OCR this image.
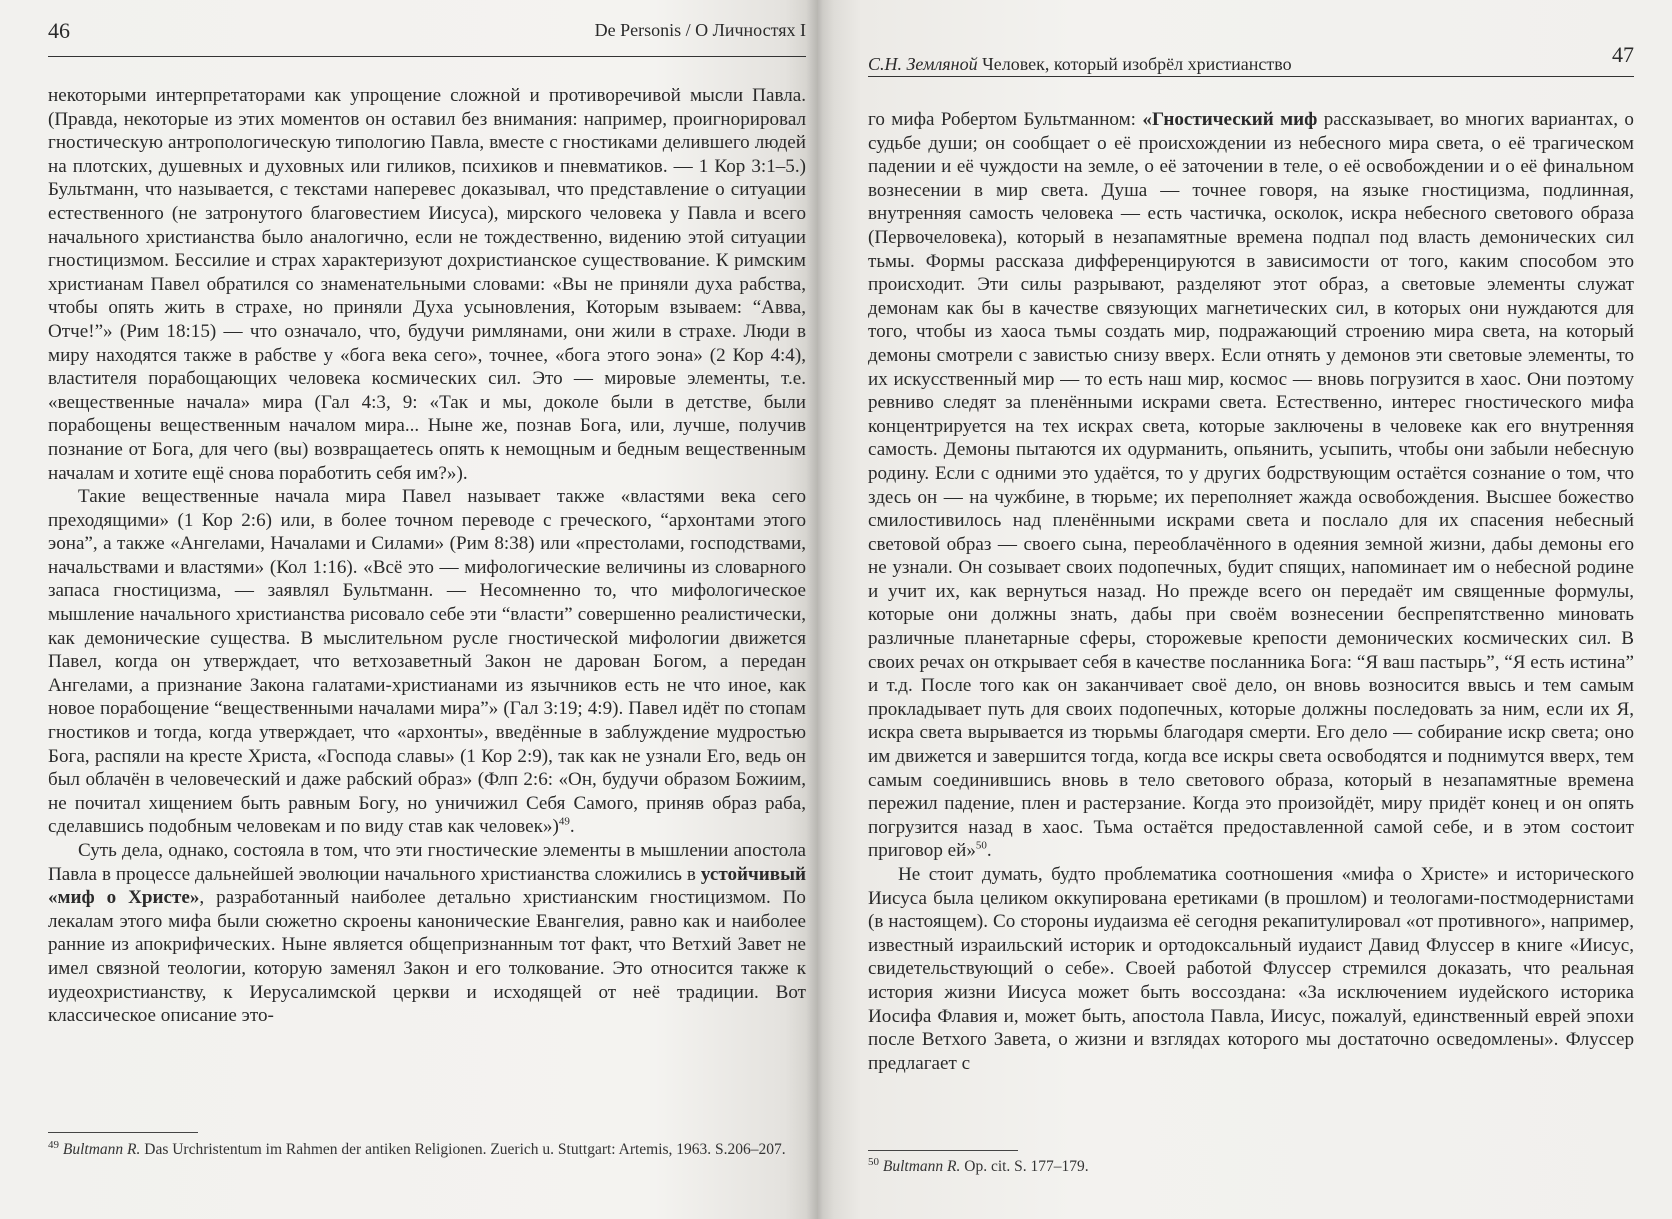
46	De Personis / О Личностях I

некоторыми интерпретаторами как упрощение сложной и противоречивой мысли Павла. (Правда, некоторые из этих моментов он оставил без внимания: например, проигнорировал гностическую антропологическую типологию Павла, вместе с гностиками делившего людей на плотских, душевных и духовных или гиликов, психиков и пневматиков. — 1 Кор 3:1–5.) Бультманн, что называется, с текстами наперевес доказывал, что представление о ситуации естественного (не затронутого благовестием Иисуса), мирского человека у Павла и всего начального христианства было аналогично, если не тождественно, видению этой ситуации гностицизмом. Бессилие и страх характеризуют дохристианское существование. К римским христианам Павел обратился со знаменательными словами: «Вы не приняли духа рабства, чтобы опять жить в страхе, но приняли Духа усыновления, Которым взываем: “Авва, Отче!”» (Рим 18:15) — что означало, что, будучи римлянами, они жили в страхе. Люди в миру находятся также в рабстве у «бога века сего», точнее, «бога этого эона» (2 Кор 4:4), властителя порабощающих человека космических сил. Это — мировые элементы, т.е. «вещественные начала» мира (Гал 4:3, 9: «Так и мы, доколе были в детстве, были порабощены вещественным началом мира... Ныне же, познав Бога, или, лучше, получив познание от Бога, для чего (вы) возвращаетесь опять к немощным и бедным вещественным началам и хотите ещё снова поработить себя им?»).

Такие вещественные начала мира Павел называет также «властями века сего преходящими» (1 Кор 2:6) или, в более точном переводе с греческого, “архонтами этого эона”, а также «Ангелами, Началами и Силами» (Рим 8:38) или «престолами, господствами, начальствами и властями» (Кол 1:16). «Всё это — мифологические величины из словарного запаса гностицизма, — заявлял Бультманн. — Несомненно то, что мифологическое мышление начального христианства рисовало себе эти “власти” совершенно реалистически, как демонические существа. В мыслительном русле гностической мифологии движется Павел, когда он утверждает, что ветхозаветный Закон не дарован Богом, а передан Ангелами, а признание Закона галатами-христианами из язычников есть не что иное, как новое порабощение “вещественными началами мира”» (Гал 3:19; 4:9). Павел идёт по стопам гностиков и тогда, когда утверждает, что «архонты», введённые в заблуждение мудростью Бога, распяли на кресте Христа, «Господа славы» (1 Кор 2:9), так как не узнали Его, ведь он был облачён в человеческий и даже рабский образ» (Флп 2:6: «Он, будучи образом Божиим, не почитал хищением быть равным Богу, но уничижил Себя Самого, приняв образ раба, сделавшись подобным человекам и по виду став как человек»)$^{49}$.

Суть дела, однако, состояла в том, что эти гностические элементы в мышлении апостола Павла в процессе дальнейшей эволюции начального христианства сложились в устойчивый «миф о Христе», разработанный наиболее детально христианским гностицизмом. По лекалам этого мифа были сюжетно скроены канонические Евангелия, равно как и наиболее ранние из апокрифических. Ныне является общепризнанным тот факт, что Ветхий Завет не имел связной теологии, которую заменял Закон и его толкование. Это относится также к иудеохристианству, к Иерусалимской церкви и исходящей от неё традиции. Вот классическое описание это-

$^{49}$ Bultmann R. Das Urchristentum im Rahmen der antiken Religionen. Zuerich u. Stuttgart: Artemis, 1963. S.206–207.
С.Н. Земляной Человек, который изобрёл христианство	47

го мифа Робертом Бультманном: «Гностический миф рассказывает, во многих вариантах, о судьбе души; он сообщает о её происхождении из небесного мира света, о её трагическом падении и её чуждости на земле, о её заточении в теле, о её освобождении и о её финальном вознесении в мир света. Душа — точнее говоря, на языке гностицизма, подлинная, внутренняя самость человека — есть частичка, осколок, искра небесного светового образа (Первочеловека), который в незапамятные времена подпал под власть демонических сил тьмы. Формы рассказа дифференцируются в зависимости от того, каким способом это происходит. Эти силы разрывают, разделяют этот образ, а световые элементы служат демонам как бы в качестве связующих магнетических сил, в которых они нуждаются для того, чтобы из хаоса тьмы создать мир, подражающий строению мира света, на который демоны смотрели с завистью снизу вверх. Если отнять у демонов эти световые элементы, то их искусственный мир — то есть наш мир, космос — вновь погрузится в хаос. Они поэтому ревниво следят за пленёнными искрами света. Естественно, интерес гностического мифа концентрируется на тех искрах света, которые заключены в человеке как его внутренняя самость. Демоны пытаются их одурманить, опьянить, усыпить, чтобы они забыли небесную родину. Если с одними это удаётся, то у других бодрствующим остаётся сознание о том, что здесь он — на чужбине, в тюрьме; их переполняет жажда освобождения. Высшее божество смилостивилось над пленёнными искрами света и послало для их спасения небесный световой образ — своего сына, переоблачённого в одеяния земной жизни, дабы демоны его не узнали. Он созывает своих подопечных, будит спящих, напоминает им о небесной родине и учит их, как вернуться назад. Но прежде всего он передаёт им священные формулы, которые они должны знать, дабы при своём вознесении беспрепятственно миновать различные планетарные сферы, сторожевые крепости демонических космических сил. В своих речах он открывает себя в качестве посланника Бога: “Я ваш пастырь”, “Я есть истина” и т.д. После того как он заканчивает своё дело, он вновь возносится ввысь и тем самым прокладывает путь для своих подопечных, которые должны последовать за ним, если их Я, искра света вырывается из тюрьмы благодаря смерти. Его дело — собирание искр света; оно им движется и завершится тогда, когда все искры света освободятся и поднимутся вверх, тем самым соединившись вновь в тело светового образа, который в незапамятные времена пережил падение, плен и растерзание. Когда это произойдёт, миру придёт конец и он опять погрузится назад в хаос. Тьма остаётся предоставленной самой себе, и в этом состоит приговор ей»$^{50}$.

Не стоит думать, будто проблематика соотношения «мифа о Христе» и исторического Иисуса была целиком оккупирована еретиками (в прошлом) и теологами-постмодернистами (в настоящем). Со стороны иудаизма её сегодня рекапитулировал «от противного», например, известный израильский историк и ортодоксальный иудаист Давид Флуссер в книге «Иисус, свидетельствующий о себе». Своей работой Флуссер стремился доказать, что реальная история жизни Иисуса может быть воссоздана: «За исключением иудейского историка Иосифа Флавия и, может быть, апостола Павла, Иисус, пожалуй, единственный еврей эпохи после Ветхого Завета, о жизни и взглядах которого мы достаточно осведомлены». Флуссер предлагает с

$^{50}$ Bultmann R. Op. cit. S. 177–179.
